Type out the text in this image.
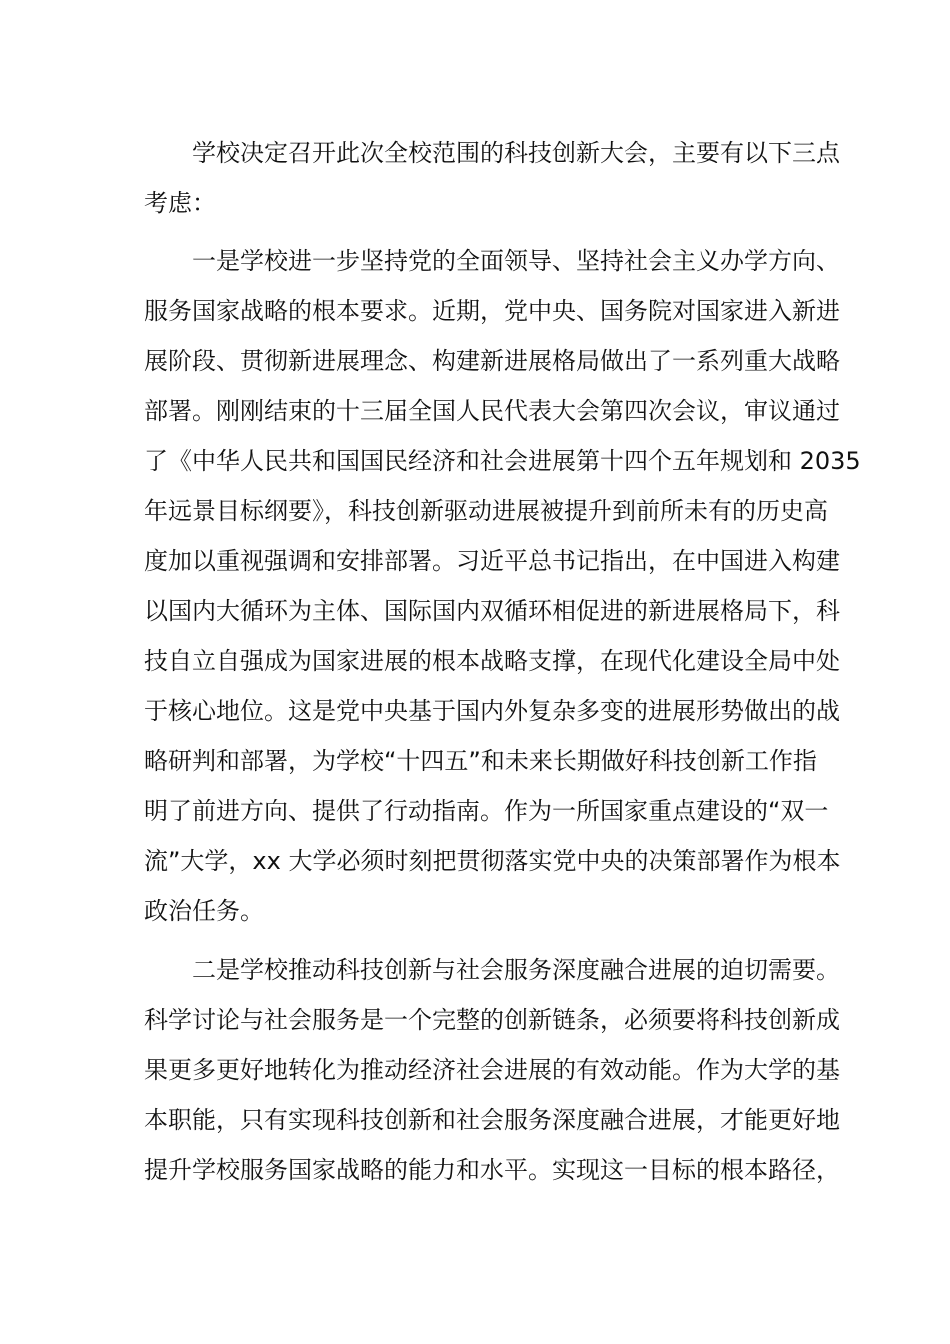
学校决定召开此次全校范围的科技创新大会，主要有以下三点
考虑：
一是学校进一步坚持党的全面领导、坚持社会主义办学方向、
服务国家战略的根本要求。近期，党中央、国务院对国家进入新进
展阶段、贯彻新进展理念、构建新进展格局做出了一系列重大战略
部署。刚刚结束的十三届全国人民代表大会第四次会议，审议通过
了《中华人民共和国国民经济和社会进展第十四个五年规划和 2035
年远景目标纲要》，科技创新驱动进展被提升到前所未有的历史高
度加以重视强调和安排部署。习近平总书记指出，在中国进入构建
以国内大循环为主体、国际国内双循环相促进的新进展格局下，科
技自立自强成为国家进展的根本战略支撑，在现代化建设全局中处
于核心地位。这是党中央基于国内外复杂多变的进展形势做出的战
略研判和部署，为学校“十四五”和未来长期做好科技创新工作指
明了前进方向、提供了行动指南。作为一所国家重点建设的“双一
流”大学，xx 大学必须时刻把贯彻落实党中央的决策部署作为根本
政治任务。
二是学校推动科技创新与社会服务深度融合进展的迫切需要。
科学讨论与社会服务是一个完整的创新链条，必须要将科技创新成
果更多更好地转化为推动经济社会进展的有效动能。作为大学的基
本职能，只有实现科技创新和社会服务深度融合进展，才能更好地
提升学校服务国家战略的能力和水平。实现这一目标的根本路径，
